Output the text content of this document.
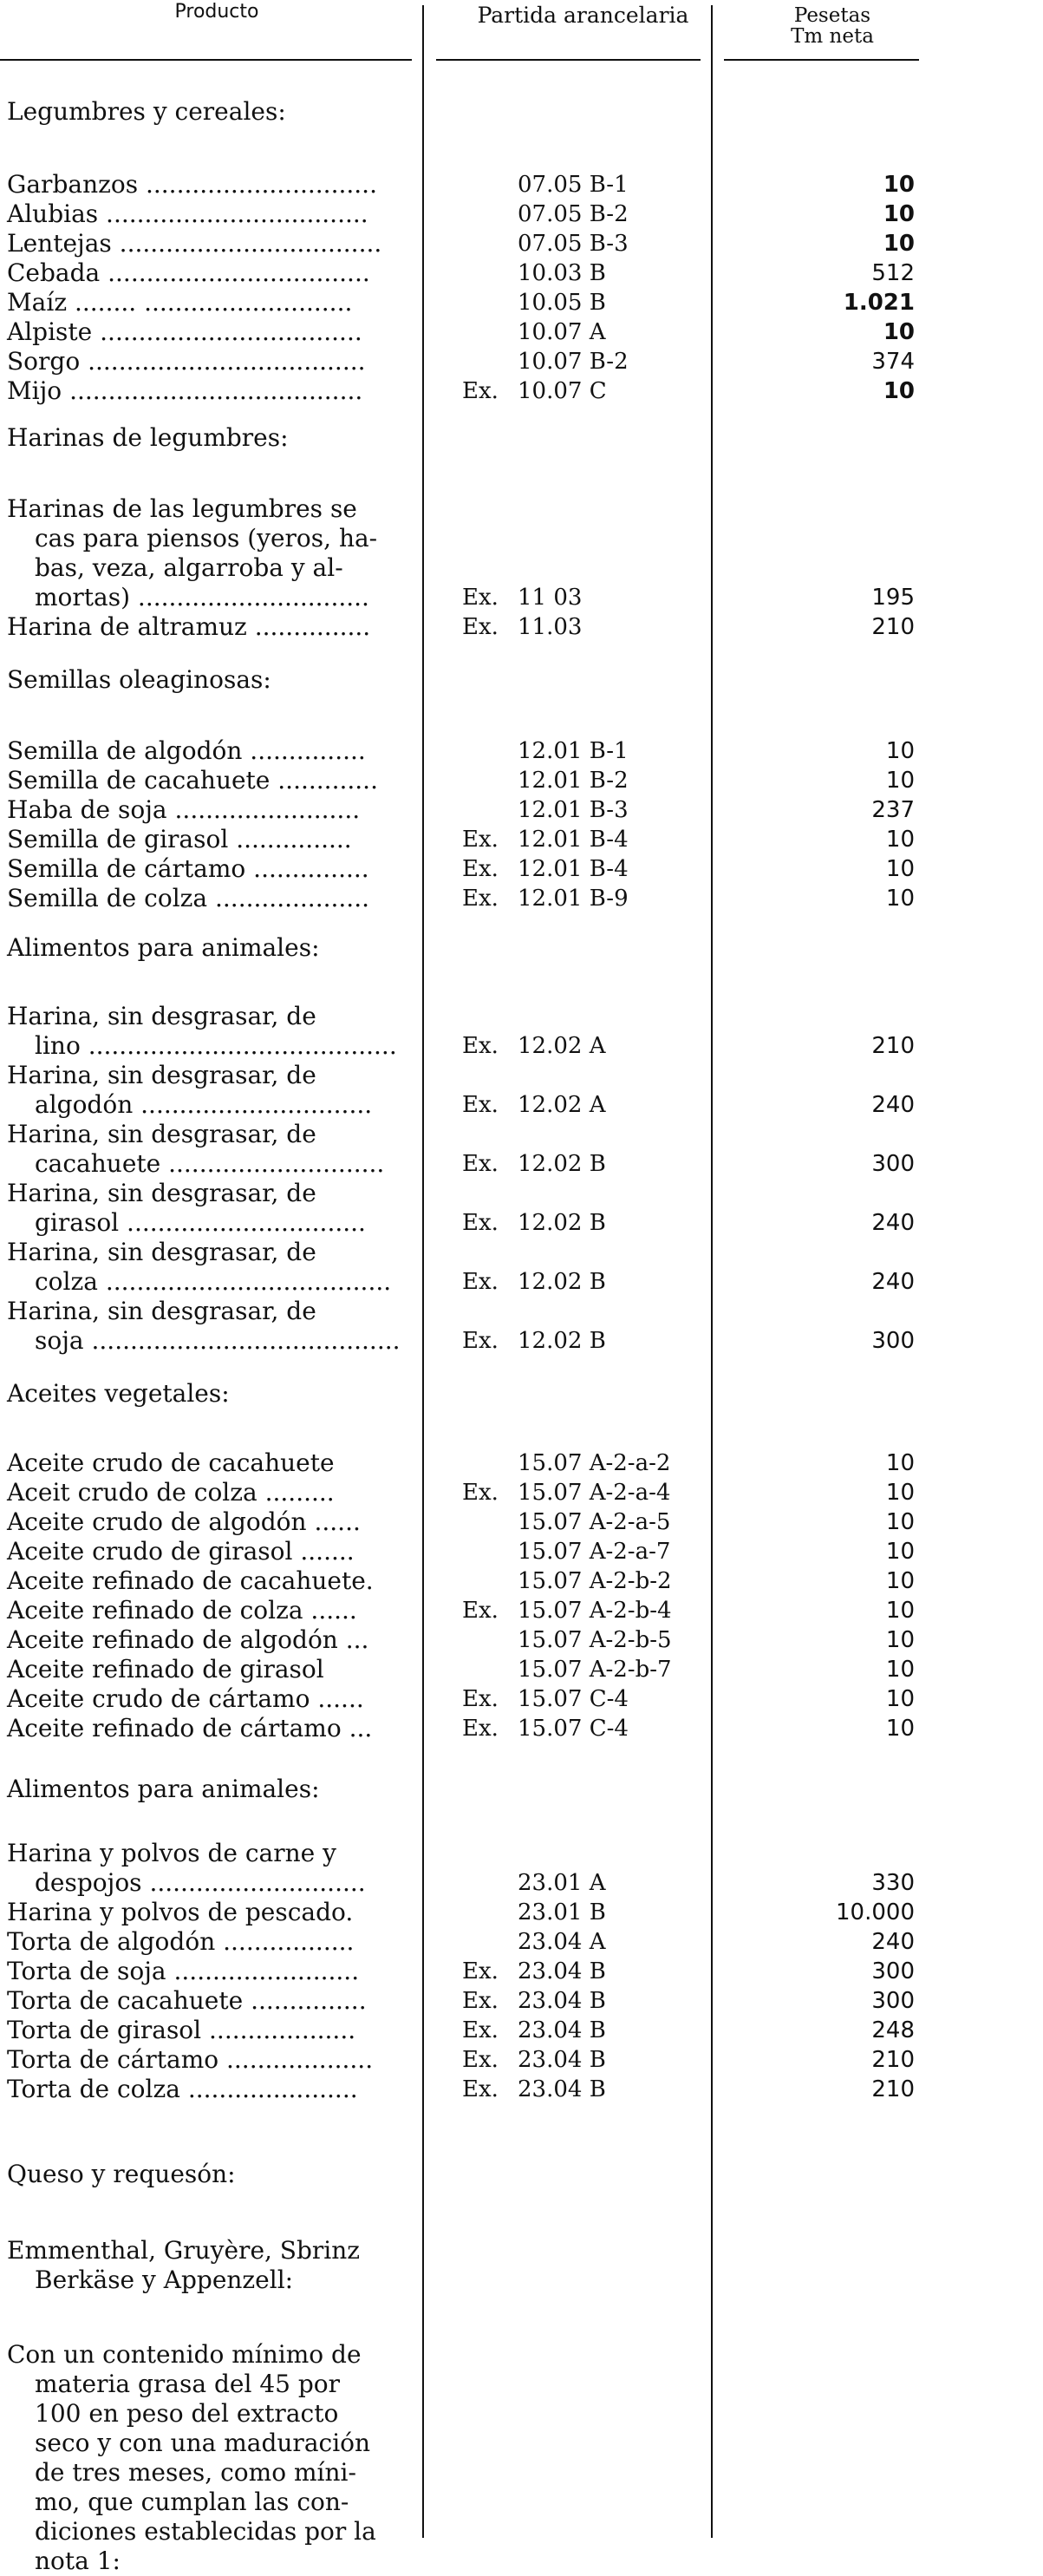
Producto	Partida arancelaria	Pesetas
Tm neta
Legumbres y cereales:
Harinas de legumbres:
Semillas oleaginosas:
Alimentos para animales:
Aceites vegetales:
Alimentos para animales:
Queso y requesón:
Garbanzos ..............................	07.05 B-1	10
Alubias ..................................	07.05 B-2	10
Lentejas ..................................	07.05 B-3	10
Cebada ..................................	10.03 B	512
Maíz ........ ...........................	10.05 B	1.021
Alpiste ..................................	10.07 A	10
Sorgo ....................................	10.07 B-2	374
Mijo ......................................	Ex. 10.07 C	10
Harinas de las legumbres se
cas para piensos (yeros, ha-
bas, veza, algarroba y al-
mortas) ..............................	Ex. 11 03	195
Harina de altramuz ...............	Ex. 11.03	210
Semilla de algodón ...............	12.01 B-1	10
Semilla de cacahuete .............	12.01 B-2	10
Haba de soja ........................	12.01 B-3	237
Semilla de girasol ...............	Ex. 12.01 B-4	10
Semilla de cártamo ...............	Ex. 12.01 B-4	10
Semilla de colza ....................	Ex. 12.01 B-9	10
Harina, sin desgrasar, de
lino ........................................	Ex. 12.02 A	210
Harina, sin desgrasar, de
algodón ..............................	Ex. 12.02 A	240
Harina, sin desgrasar, de
cacahuete ............................	Ex. 12.02 B	300
Harina, sin desgrasar, de
girasol ...............................	Ex. 12.02 B	240
Harina, sin desgrasar, de
colza .....................................	Ex. 12.02 B	240
Harina, sin desgrasar, de
soja ........................................	Ex. 12.02 B	300
Aceite crudo de cacahuete	15.07 A-2-a-2	10
Aceit crudo de colza .........	Ex. 15.07 A-2-a-4	10
Aceite crudo de algodón ......	15.07 A-2-a-5	10
Aceite crudo de girasol .......	15.07 A-2-a-7	10
Aceite refinado de cacahuete.	15.07 A-2-b-2	10
Aceite refinado de colza ......	Ex. 15.07 A-2-b-4	10
Aceite refinado de algodón ...	15.07 A-2-b-5	10
Aceite refinado de girasol	15.07 A-2-b-7	10
Aceite crudo de cártamo ......	Ex. 15.07 C-4	10
Aceite refinado de cártamo ...	Ex. 15.07 C-4	10
Harina y polvos de carne y
despojos ............................	23.01 A	330
Harina y polvos de pescado.	23.01 B	10.000
Torta de algodón .................	23.04 A	240
Torta de soja ........................	Ex. 23.04 B	300
Torta de cacahuete ...............	Ex. 23.04 B	300
Torta de girasol ...................	Ex. 23.04 B	248
Torta de cártamo ...................	Ex. 23.04 B	210
Torta de colza ......................	Ex. 23.04 B	210
Emmenthal, Gruyère, Sbrinz
Berkäse y Appenzell:
Con un contenido mínimo de
materia grasa del 45 por
100 en peso del extracto
seco y con una maduración
de tres meses, como míni-
mo, que cumplan las con-
diciones establecidas por la
nota 1:
